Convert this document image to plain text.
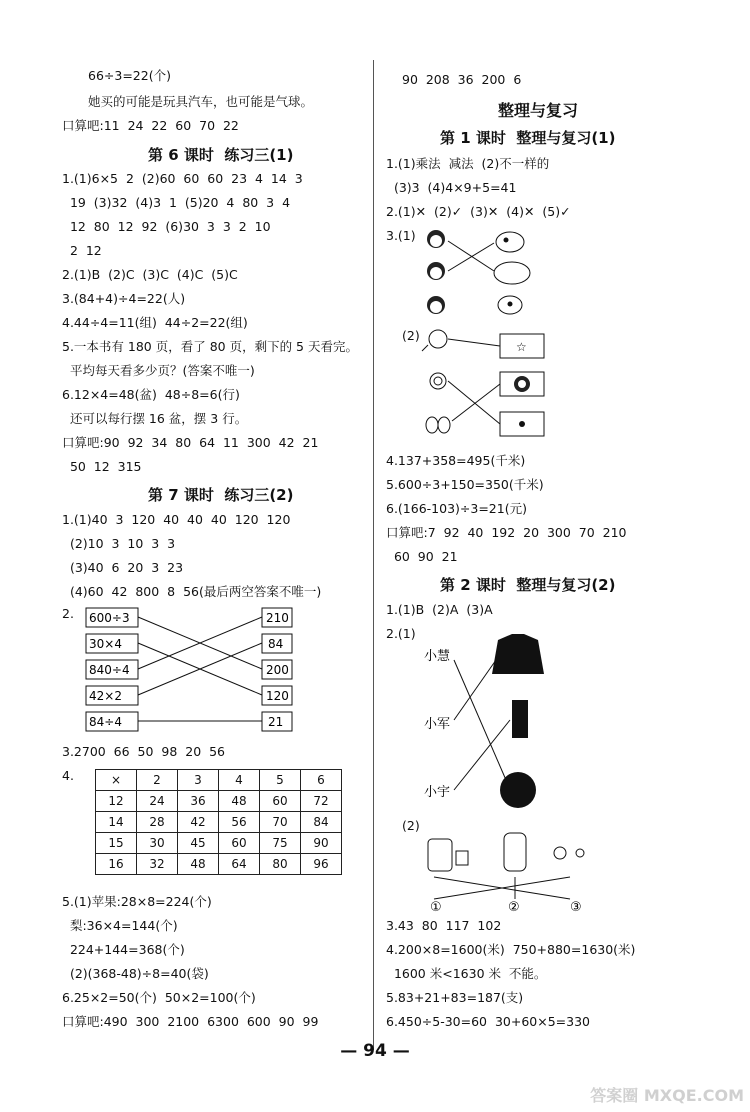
66÷3=22(个)
她买的可能是玩具汽车，也可能是气球。
口算吧:11  24  22  60  70  22
第 6 课时  练习三(1)
1.(1)6×5  2  (2)60  60  60  23  4  14  3
19  (3)32  (4)3  1  (5)20  4  80  3  4
12  80  12  92  (6)30  3  3  2  10
2  12
2.(1)B  (2)C  (3)C  (4)C  (5)C
3.(84+4)÷4=22(人)
4.44÷4=11(组)  44÷2=22(组)
5.一本书有 180 页，看了 80 页，剩下的 5 天看完。
平均每天看多少页？(答案不唯一)
6.12×4=48(盆)  48÷8=6(行)
还可以每行摆 16 盆，摆 3 行。
口算吧:90  92  34  80  64  11  300  42  21
50  12  315
第 7 课时  练习三(2)
1.(1)40  3  120  40  40  40  120  120
(2)10  3  10  3  3
(3)40  6  20  3  23
(4)60  42  800  8  56(最后两空答案不唯一)
2. 600÷3
30×4
840÷4
42×2
84÷4
210
84
200
120
21
3.2700  66  50  98  20  56
4.	×	2	3	4	5	6
12	24	36	48	60	72
14	28	42	56	70	84
15	30	45	60	75	90
16	32	48	64	80	96
5.(1)苹果:28×8=224(个)
梨:36×4=144(个)
224+144=368(个)
(2)(368-48)÷8=40(袋)
6.25×2=50(个)  50×2=100(个)
口算吧:490  300  2100  6300  600  90  99
90  208  36  200  6
整理与复习
第 1 课时  整理与复习(1)
1.(1)乘法  减法  (2)不一样的
(3)3  (4)4×9+5=41
2.(1)✕  (2)✓  (3)✕  (4)✕  (5)✓
3.(1)
(2)
☆
4.137+358=495(千米)
5.600÷3+150=350(千米)
6.(166-103)÷3=21(元)
口算吧:7  92  40  192  20  300  70  210
60  90  21
第 2 课时  整理与复习(2)
1.(1)B  (2)A  (3)A
2.(1)
小慧
小军
小宇
(2)
①	②	③
3.43  80  117  102
4.200×8=1600(米)  750+880=1630(米)
1600 米<1630 米  不能。
5.83+21+83=187(支)
6.450÷5-30=60  30+60×5=330
— 94 —
答案圈 MXQE.COM
